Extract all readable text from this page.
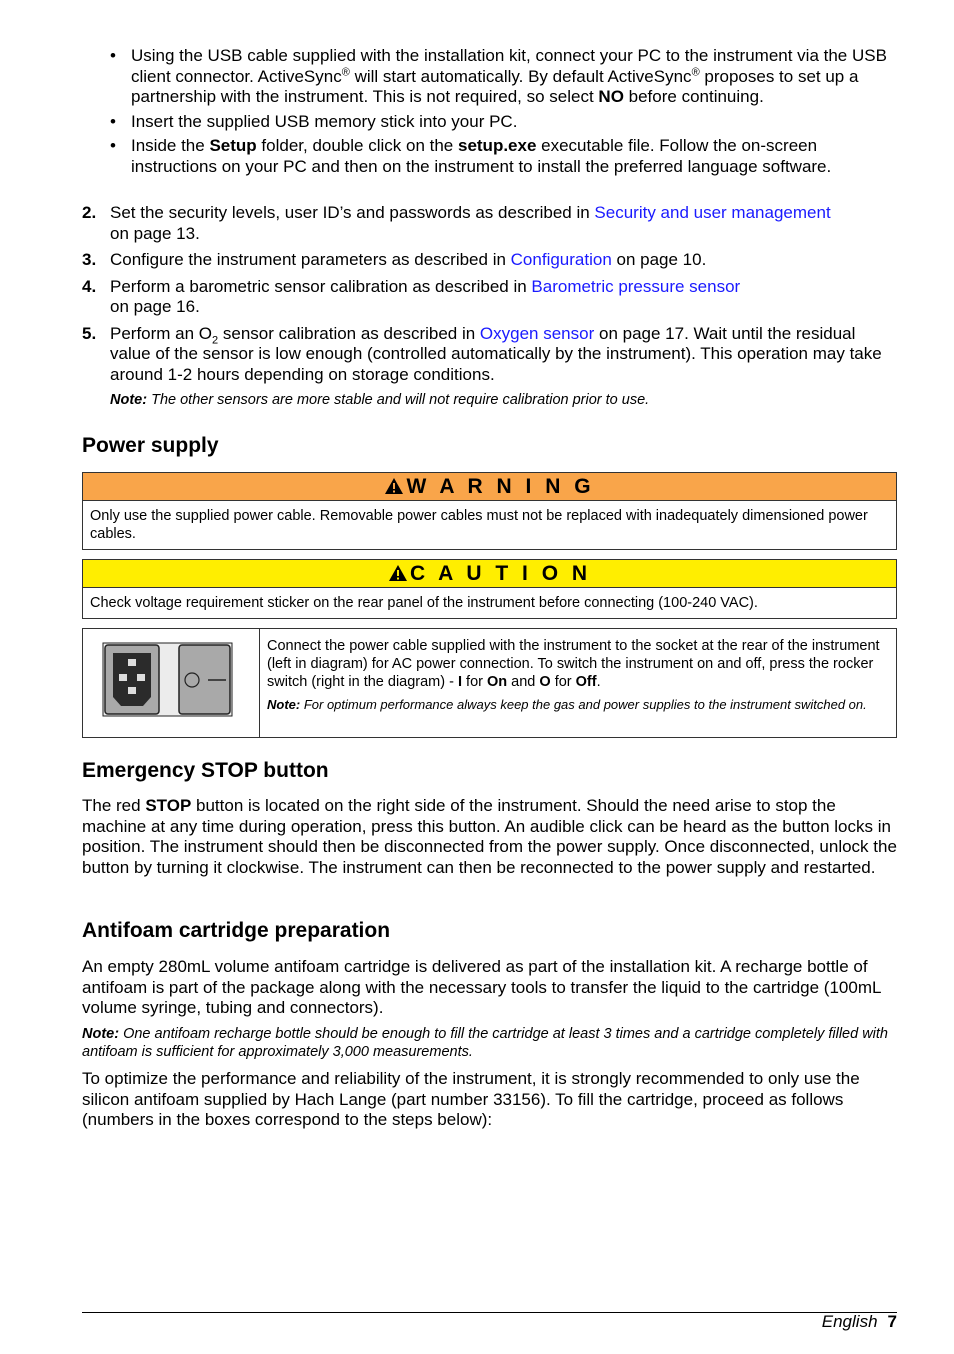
• Using the USB cable supplied with the installation kit, connect your PC to the instrument via the USB client connector. ActiveSync® will start automatically. By default ActiveSync® proposes to set up a partnership with the instrument. This is not required, so select NO before continuing.

• Insert the supplied USB memory stick into your PC.

• Inside the Setup folder, double click on the setup.exe executable file. Follow the on-screen instructions on your PC and then on the instrument to install the preferred language software.

2. Set the security levels, user ID’s and passwords as described in Security and user management
on page 13.

3. Configure the instrument parameters as described in Configuration on page 10.

4. Perform a barometric sensor calibration as described in Barometric pressure sensor
on page 16.

5. Perform an $O_2$ sensor calibration as described in Oxygen sensor on page 17. Wait until the residual value of the sensor is low enough (controlled automatically by the instrument). This operation may take around 1-2 hours depending on storage conditions.

Note: The other sensors are more stable and will not require calibration prior to use.

Power supply
W A R N I N G
Only use the supplied power cable. Removable power cables must not be replaced with inadequately dimensioned power cables.
C A U T I O N
Check voltage requirement sticker on the rear panel of the instrument before connecting (100-240 VAC).

Connect the power cable supplied with the instrument to the socket at the rear of the instrument (left in diagram) for AC power connection. To switch the instrument on and off, press the rocker switch (right in the diagram) - I for On and O for Off.

Note: For optimum performance always keep the gas and power supplies to the instrument switched on.

Emergency STOP button

The red STOP button is located on the right side of the instrument. Should the need arise to stop the machine at any time during operation, press this button. An audible click can be heard as the button locks in position. The instrument should then be disconnected from the power supply. Once disconnected, unlock the button by turning it clockwise. The instrument can then be reconnected to the power supply and restarted.

Antifoam cartridge preparation

An empty 280mL volume antifoam cartridge is delivered as part of the installation kit. A recharge bottle of antifoam is part of the package along with the necessary tools to transfer the liquid to the cartridge (100mL volume syringe, tubing and connectors).

Note: One antifoam recharge bottle should be enough to fill the cartridge at least 3 times and a cartridge completely filled with antifoam is sufficient for approximately 3,000 measurements.

To optimize the performance and reliability of the instrument, it is strongly recommended to only use the silicon antifoam supplied by Hach Lange (part number 33156). To fill the cartridge, proceed as follows (numbers in the boxes correspond to the steps below):

English 7
